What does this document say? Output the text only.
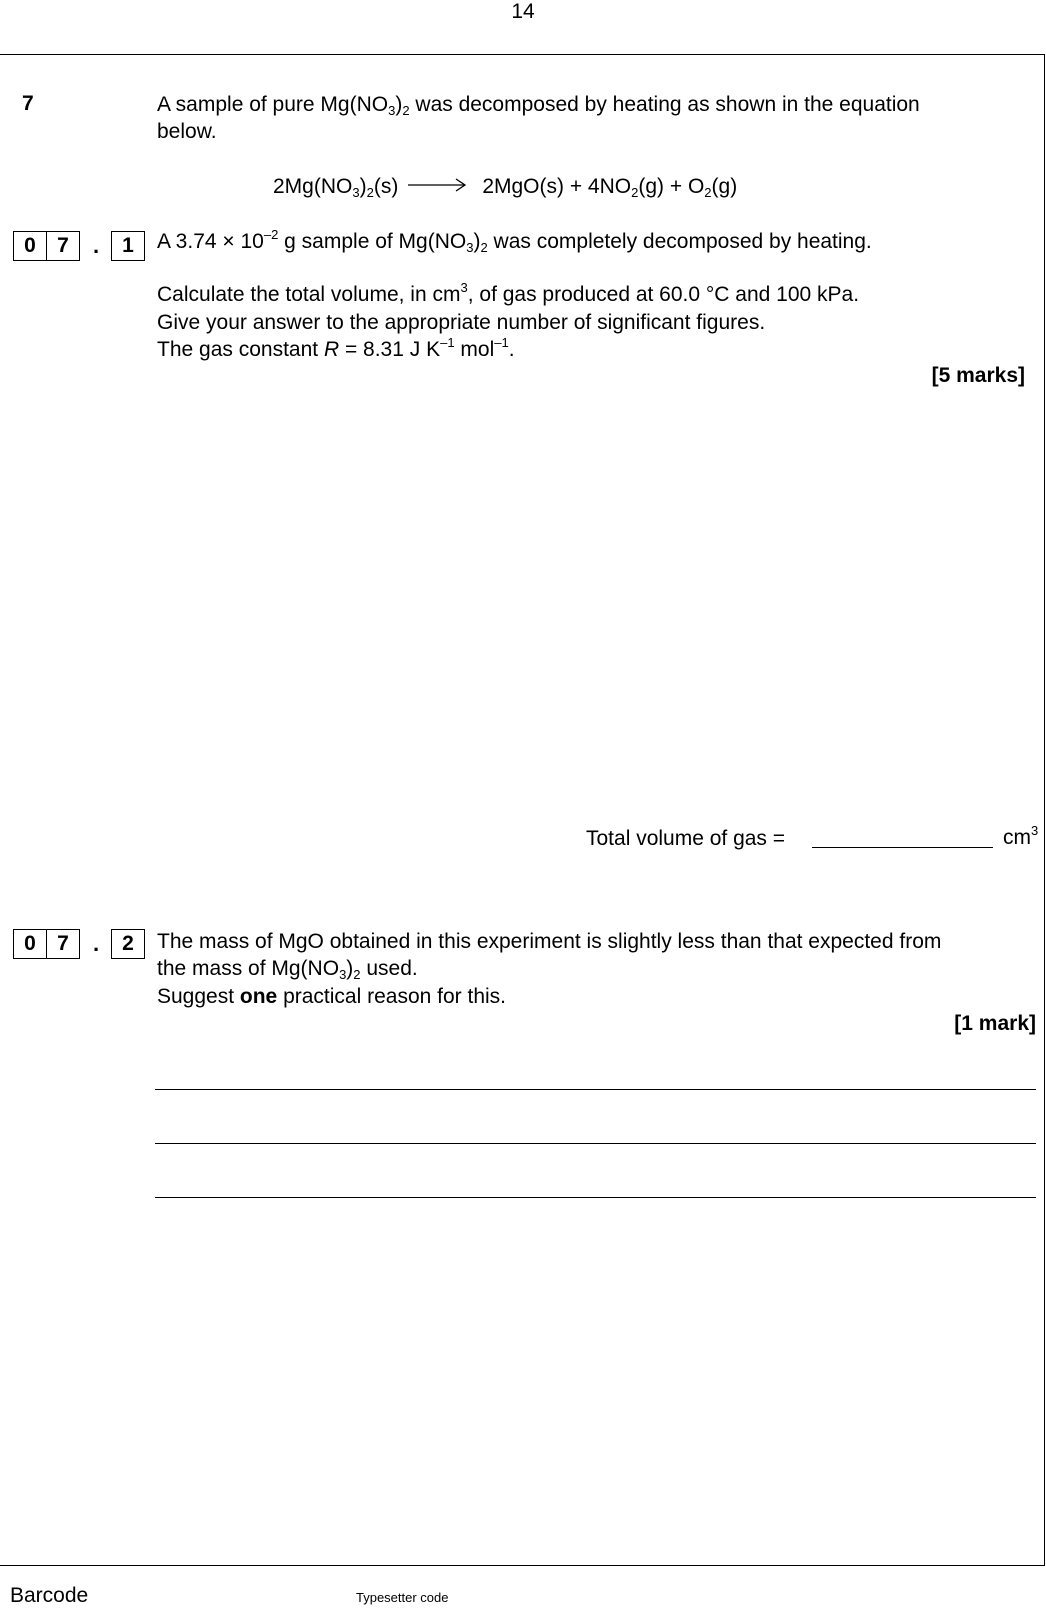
14
7	A sample of pure $Mg(NO_3)_2$ was decomposed by heating as shown in the equation
below.
$2Mg(NO_3)_2(s) \to 2MgO(s) + 4NO_2(g) + O_2(g)$
0	7	.	1	A $3.74 \times 10^{-2}$ g sample of $Mg(NO_3)_2$ was completely decomposed by heating.
Calculate the total volume, in $cm^3$, of gas produced at 60.0 °C and 100 kPa.
Give your answer to the appropriate number of significant figures.
The gas constant R = 8.31 J $K^{-1}$ mol$^{-1}$.
[5 marks]
Total volume of gas =	$cm^3$
0	7	.	2	The mass of MgO obtained in this experiment is slightly less than that expected from
the mass of $Mg(NO_3)_2$ used.
Suggest one practical reason for this.
[1 mark]
Barcode	Typesetter code
